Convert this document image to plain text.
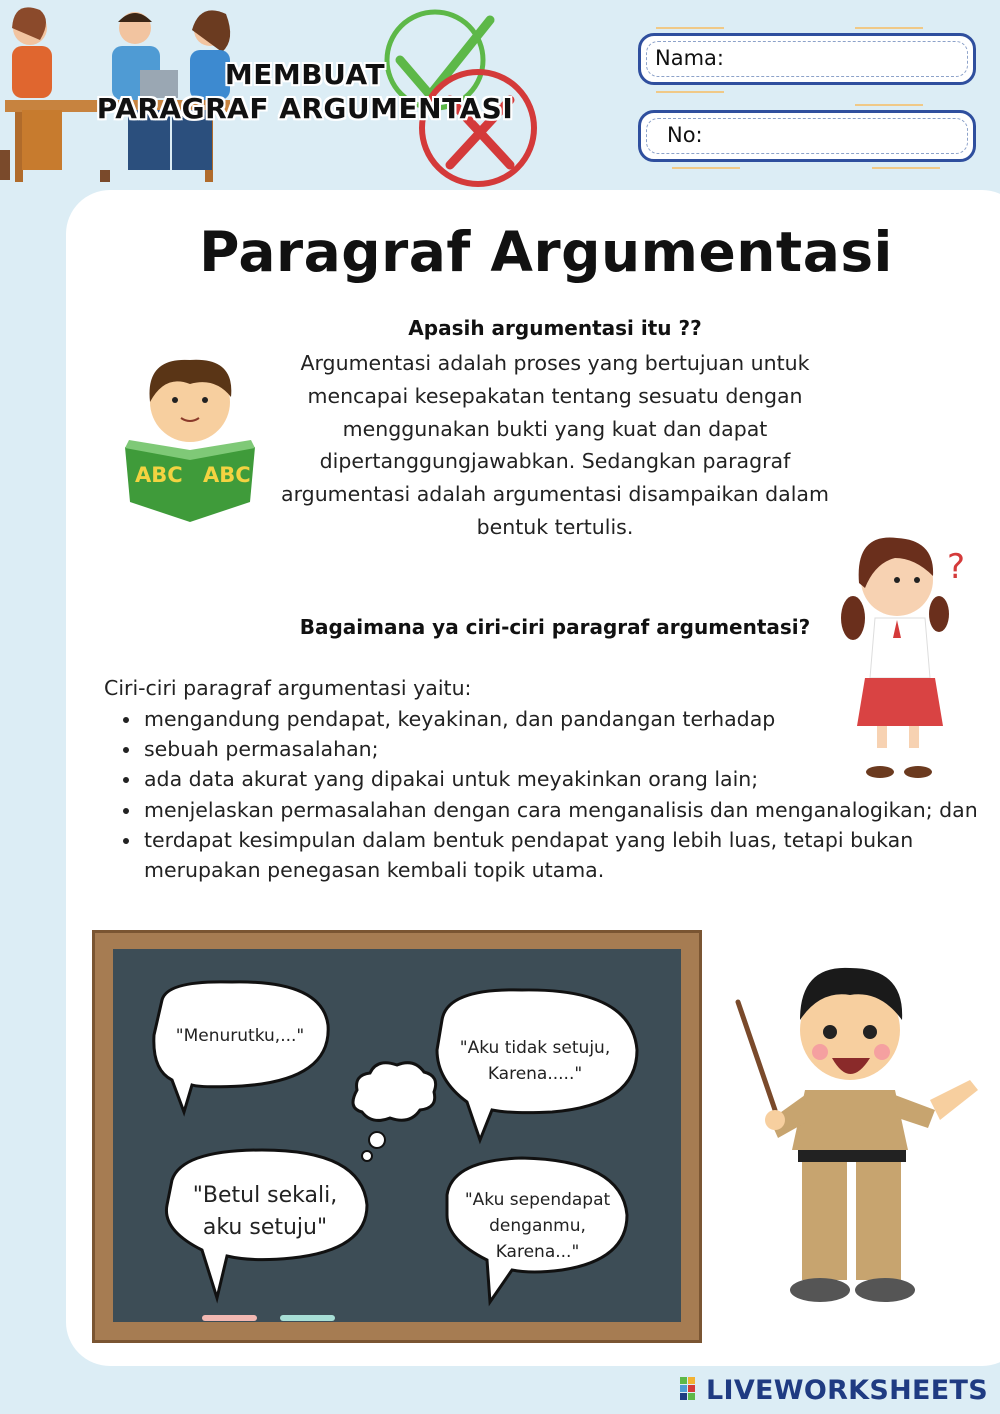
MEMBUAT
PARAGRAF ARGUMENTASI
Nama:
No:
Paragraf Argumentasi
ABC ABC
Apasih argumentasi itu ??
Argumentasi adalah proses yang bertujuan untuk
mencapai kesepakatan tentang sesuatu dengan
menggunakan bukti yang kuat dan dapat
dipertanggungjawabkan. Sedangkan paragraf
argumentasi adalah argumentasi disampaikan dalam
bentuk tertulis.
?
Bagaimana ya ciri-ciri paragraf argumentasi?
Ciri-ciri paragraf argumentasi yaitu:
• mengandung pendapat, keyakinan, dan pandangan terhadap
• sebuah permasalahan;
• ada data akurat yang dipakai untuk meyakinkan orang lain;
• menjelaskan permasalahan dengan cara menganalisis dan menganalogikan; dan
• terdapat kesimpulan dalam bentuk pendapat yang lebih luas, tetapi bukan
merupakan penegasan kembali topik utama.
"Menurutku,..."
"Aku tidak setuju,
Karena....."
"Betul sekali,
aku setuju"
"Aku sependapat
denganmu,
Karena..."
LIVEWORKSHEETS
